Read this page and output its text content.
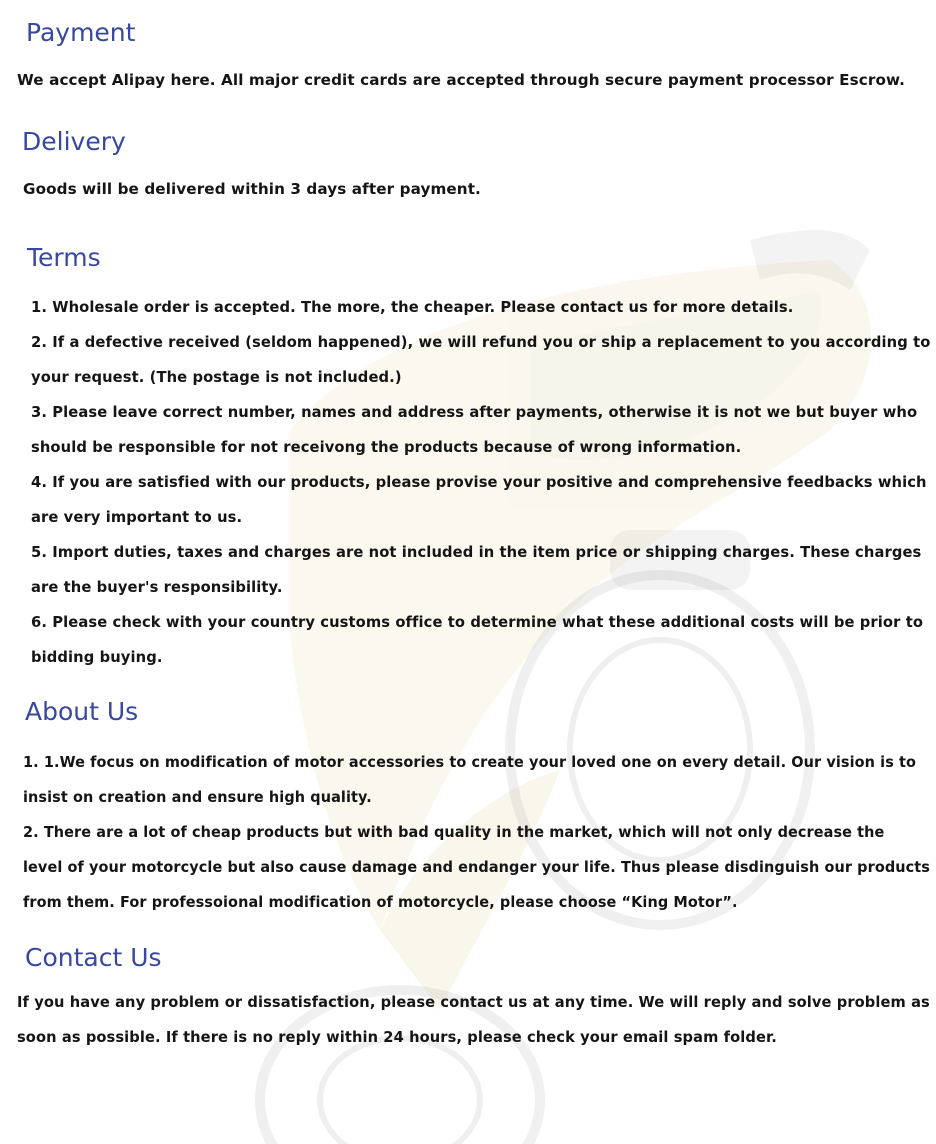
Payment

We accept Alipay here. All major credit cards are accepted through secure payment processor Escrow.

Delivery

Goods will be delivered within 3 days after payment.

Terms
1. Wholesale order is accepted. The more, the cheaper. Please contact us for more details.
2. If a defective received (seldom happened), we will refund you or ship a replacement to you according to
your request. (The postage is not included.)
3. Please leave correct number, names and address after payments, otherwise it is not we but buyer who
should be responsible for not receivong the products because of wrong information.
4. If you are satisfied with our products, please provise your positive and comprehensive feedbacks which
are very important to us.
5. Import duties, taxes and charges are not included in the item price or shipping charges. These charges
are the buyer's responsibility.
6. Please check with your country customs office to determine what these additional costs will be prior to
bidding buying.
About Us
1. 1.We focus on modification of motor accessories to create your loved one on every detail. Our vision is to
insist on creation and ensure high quality.
2. There are a lot of cheap products but with bad quality in the market, which will not only decrease the
level of your motorcycle but also cause damage and endanger your life. Thus please disdinguish our products
from them. For professoional modification of motorcycle, please choose “King Motor”.
Contact Us
If you have any problem or dissatisfaction, please contact us at any time. We will reply and solve problem as
soon as possible. If there is no reply within 24 hours, please check your email spam folder.
